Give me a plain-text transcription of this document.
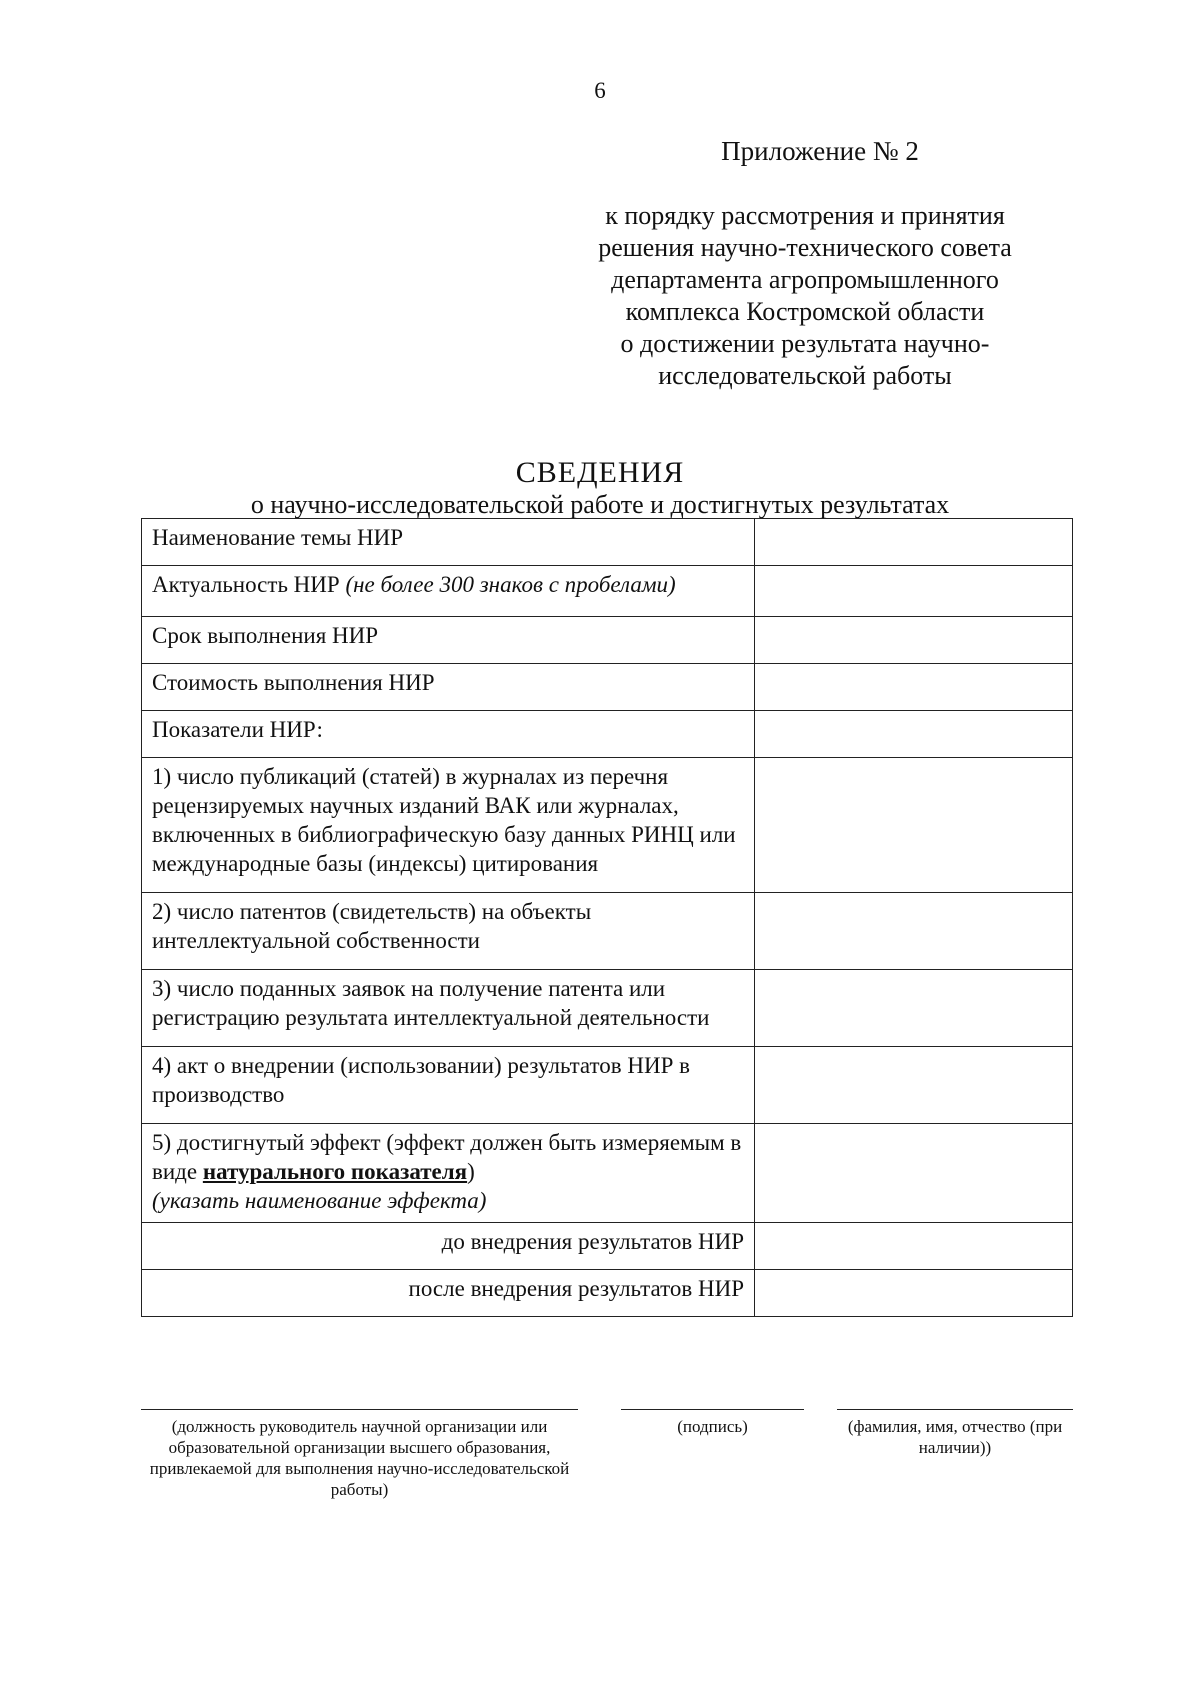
6
Приложение № 2
к порядку рассмотрения и принятия
решения научно-технического совета
департамента агропромышленного
комплекса Костромской области
о достижении результата научно-
исследовательской работы
СВЕДЕНИЯ
о научно-исследовательской работе и достигнутых результатах
Наименование темы НИР	
Актуальность НИР (не более 300 знаков с пробелами)	
Срок выполнения НИР	
Стоимость выполнения НИР	
Показатели НИР:	
1) число публикаций (статей) в журналах из перечня рецензируемых научных изданий ВАК или журналах, включенных в библиографическую базу данных РИНЦ или международные базы (индексы) цитирования	
2) число патентов (свидетельств) на объекты интеллектуальной собственности	
3) число поданных заявок на получение патента или регистрацию результата интеллектуальной деятельности	
4) акт о внедрении (использовании) результатов НИР в производство	
5) достигнутый эффект (эффект должен быть измеряемым в виде натурального показателя)
(указать наименование эффекта)	
до внедрения результатов НИР	
после внедрения результатов НИР	
(должность руководитель научной организации или образовательной организации высшего образования, привлекаемой для выполнения научно-исследовательской работы)
(подпись)	(фамилия, имя, отчество (при наличии))
